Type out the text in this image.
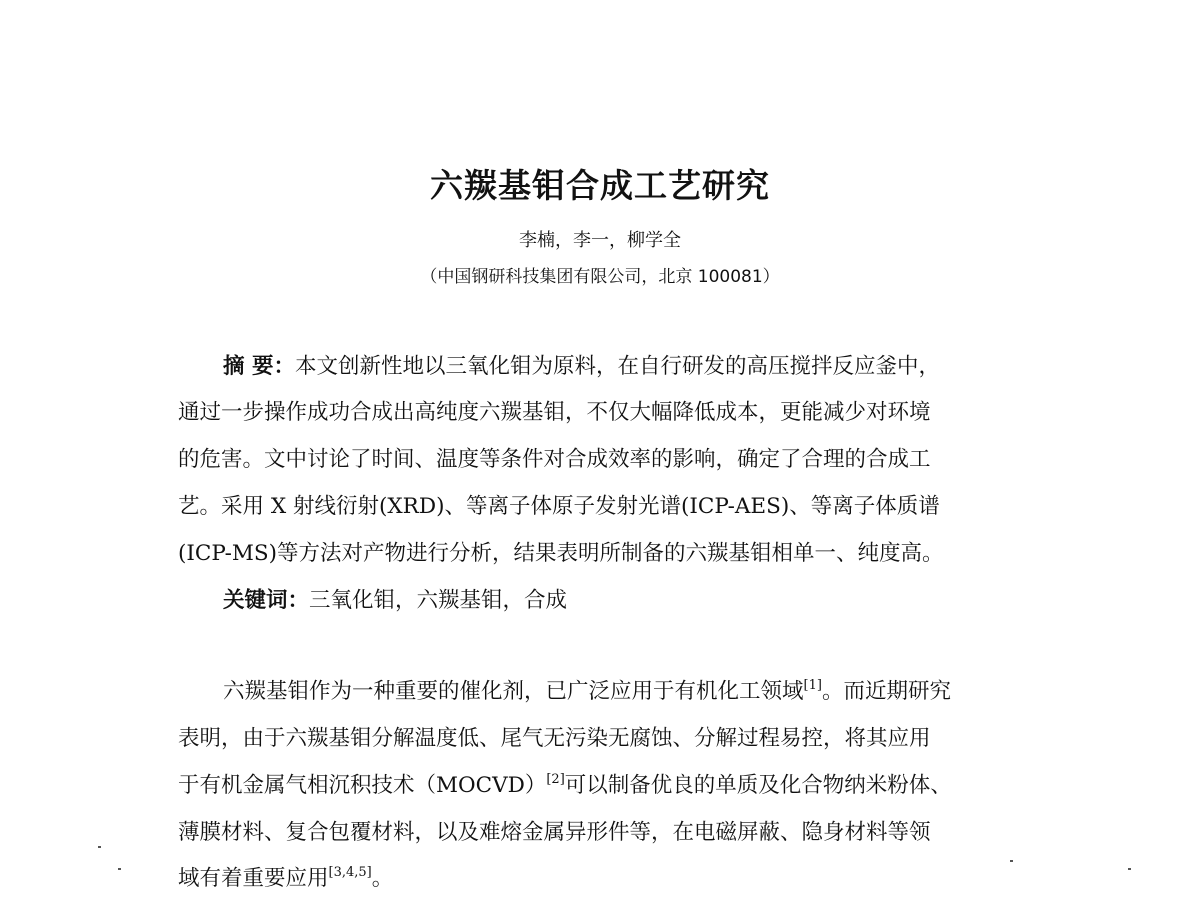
六羰基钼合成工艺研究
李楠，李一，柳学全
（中国钢研科技集团有限公司，北京 100081）
摘 要：本文创新性地以三氧化钼为原料，在自行研发的高压搅拌反应釜中，
通过一步操作成功合成出高纯度六羰基钼，不仅大幅降低成本，更能减少对环境
的危害。文中讨论了时间、温度等条件对合成效率的影响，确定了合理的合成工
艺。采用 X 射线衍射(XRD)、等离子体原子发射光谱(ICP-AES)、等离子体质谱
(ICP-MS)等方法对产物进行分析，结果表明所制备的六羰基钼相单一、纯度高。
关键词：三氧化钼，六羰基钼，合成
六羰基钼作为一种重要的催化剂，已广泛应用于有机化工领域[1]。而近期研究
表明，由于六羰基钼分解温度低、尾气无污染无腐蚀、分解过程易控，将其应用
于有机金属气相沉积技术（MOCVD）[2]可以制备优良的单质及化合物纳米粉体、
薄膜材料、复合包覆材料，以及难熔金属异形件等，在电磁屏蔽、隐身材料等领
域有着重要应用[3,4,5]。
